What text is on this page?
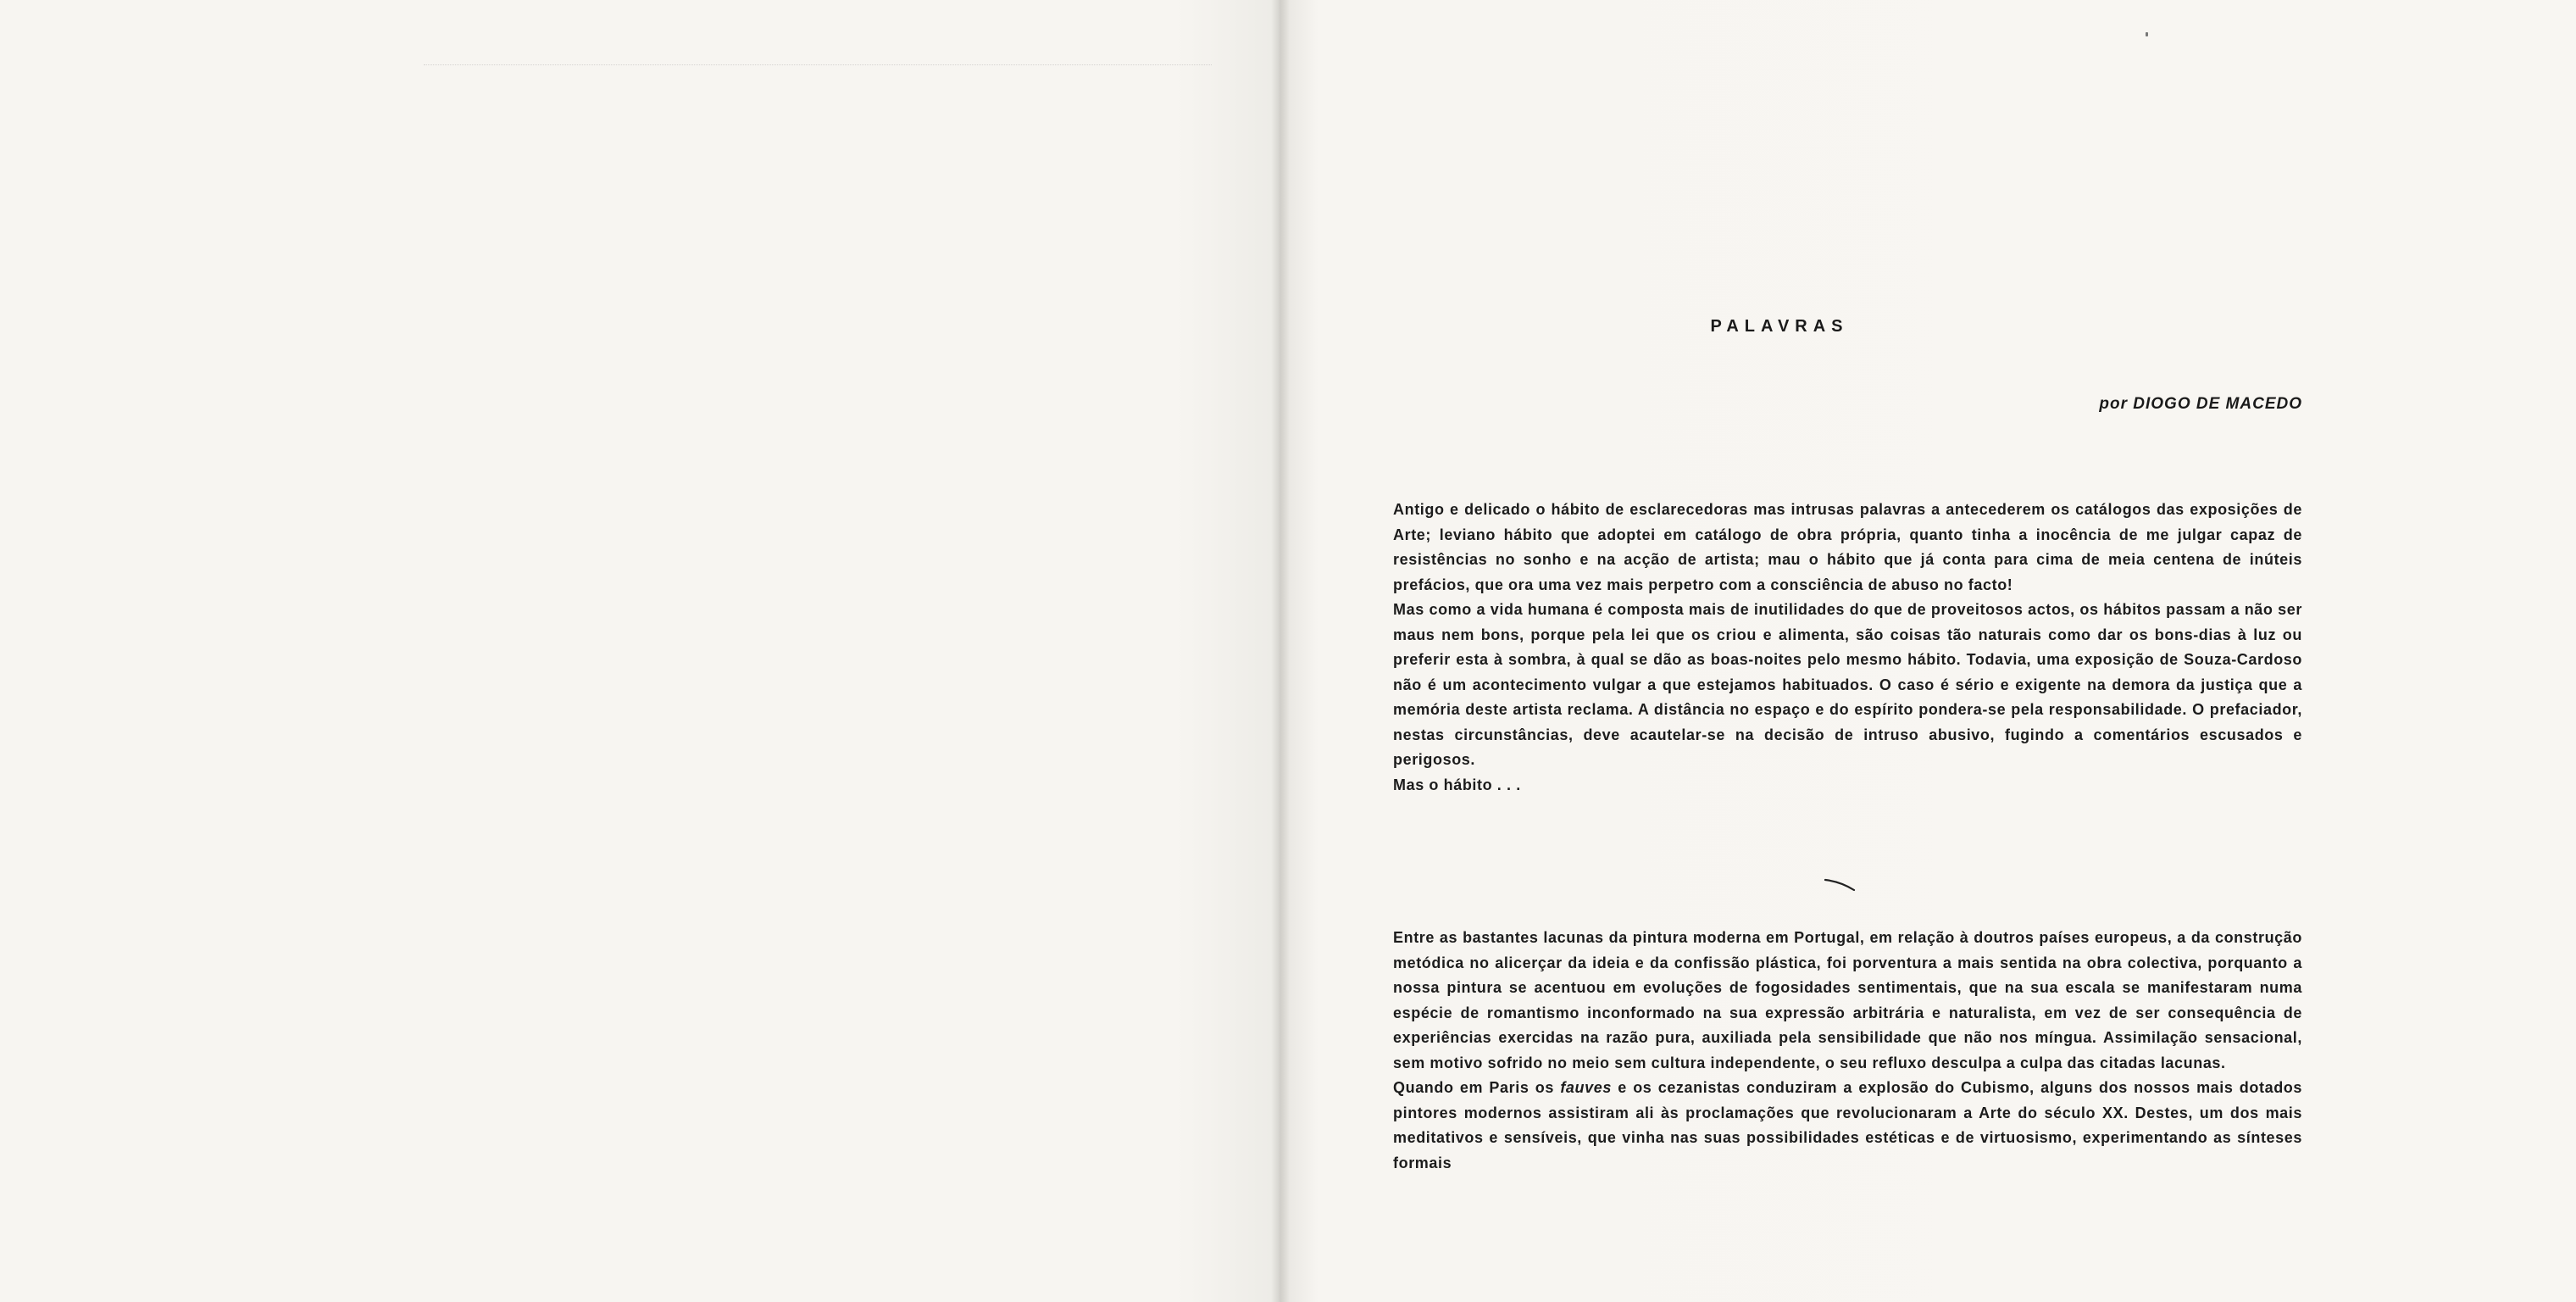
PALAVRAS
por DIOGO DE MACEDO

Antigo e delicado o hábito de esclarecedoras mas intrusas palavras a antecederem os catálogos das exposições de Arte; leviano hábito que adoptei em catálogo de obra própria, quanto tinha a inocência de me julgar capaz de resistências no sonho e na acção de artista; mau o hábito que já conta para cima de meia centena de inúteis prefácios, que ora uma vez mais perpetro com a consciência de abuso no facto!

Mas como a vida humana é composta mais de inutilidades do que de proveitosos actos, os hábitos passam a não ser maus nem bons, porque pela lei que os criou e alimenta, são coisas tão naturais como dar os bons-dias à luz ou preferir esta à sombra, à qual se dão as boas-noites pelo mesmo hábito. Todavia, uma exposição de Souza-Cardoso não é um acontecimento vulgar a que estejamos habituados. O caso é sério e exigente na demora da justiça que a memória deste artista reclama. A distância no espaço e do espírito pondera-se pela responsabilidade. O prefaciador, nestas circunstâncias, deve acautelar-se na decisão de intruso abusivo, fugindo a comentários escusados e perigosos.

Mas o hábito . . .

Entre as bastantes lacunas da pintura moderna em Portugal, em relação à doutros países europeus, a da construção metódica no alicerçar da ideia e da confissão plástica, foi porventura a mais sentida na obra colectiva, porquanto a nossa pintura se acentuou em evoluções de fogosidades sentimentais, que na sua escala se manifestaram numa espécie de romantismo inconformado na sua expressão arbitrária e naturalista, em vez de ser consequência de experiências exercidas na razão pura, auxiliada pela sensibilidade que não nos míngua. Assimilação sensacional, sem motivo sofrido no meio sem cultura independente, o seu refluxo desculpa a culpa das citadas lacunas.

Quando em Paris os fauves e os cezanistas conduziram a explosão do Cubismo, alguns dos nossos mais dotados pintores modernos assistiram ali às proclamações que revolucionaram a Arte do século XX. Destes, um dos mais meditativos e sensíveis, que vinha nas suas possibilidades estéticas e de virtuosismo, experimentando as sínteses formais
